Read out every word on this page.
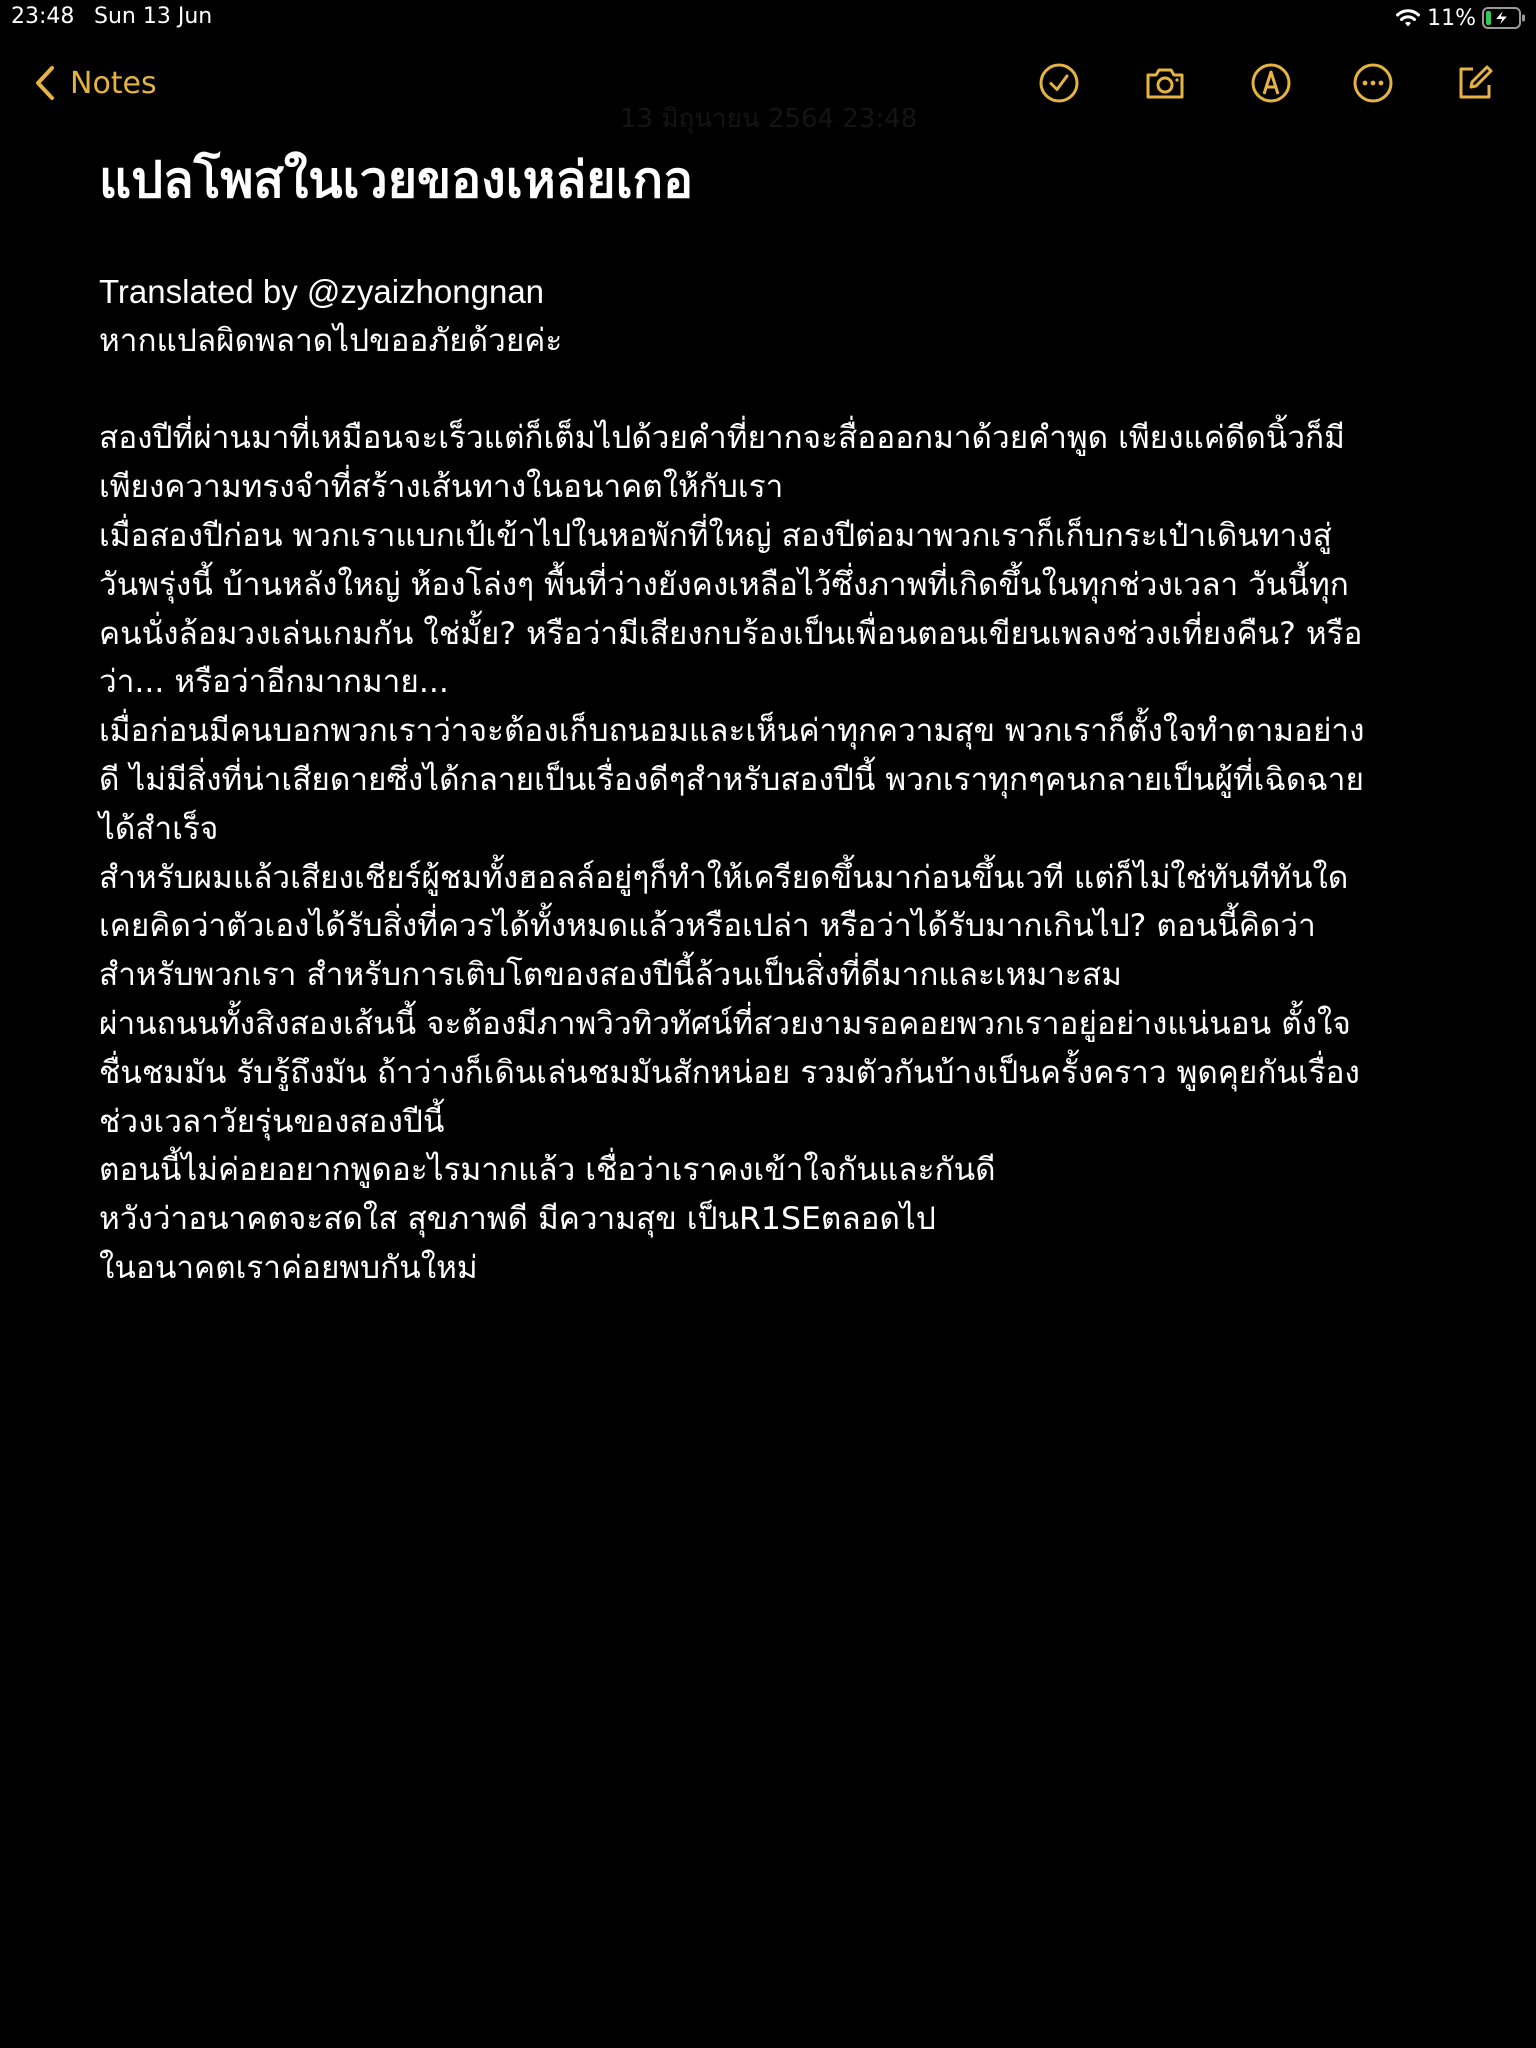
23:48 Sun 13 Jun	11%
Notes
13 มิถุนายน 2564 23:48
แปลโพสในเวยของเหล่ยเกอ
Translated by @zyaizhongnan
หากแปลผิดพลาดไปขออภัยด้วยค่ะ
สองปีที่ผ่านมาที่เหมือนจะเร็วแต่ก็เต็มไปด้วยคำที่ยากจะสื่อออกมาด้วยคำพูด เพียงแค่ดีดนิ้วก็มี
เพียงความทรงจำที่สร้างเส้นทางในอนาคตให้กับเรา
เมื่อสองปีก่อน พวกเราแบกเป้เข้าไปในหอพักที่ใหญ่ สองปีต่อมาพวกเราก็เก็บกระเป๋าเดินทางสู่
วันพรุ่งนี้ บ้านหลังใหญ่ ห้องโล่งๆ พื้นที่ว่างยังคงเหลือไว้ซึ่งภาพที่เกิดขึ้นในทุกช่วงเวลา วันนี้ทุก
คนนั่งล้อมวงเล่นเกมกัน ใช่มั้ย? หรือว่ามีเสียงกบร้องเป็นเพื่อนตอนเขียนเพลงช่วงเที่ยงคืน? หรือ
ว่า... หรือว่าอีกมากมาย...
เมื่อก่อนมีคนบอกพวกเราว่าจะต้องเก็บถนอมและเห็นค่าทุกความสุข พวกเราก็ตั้งใจทำตามอย่าง
ดี ไม่มีสิ่งที่น่าเสียดายซึ่งได้กลายเป็นเรื่องดีๆสำหรับสองปีนี้ พวกเราทุกๆคนกลายเป็นผู้ที่เฉิดฉาย
ได้สำเร็จ
สำหรับผมแล้วเสียงเชียร์ผู้ชมทั้งฮอลล์อยู่ๆก็ทำให้เครียดขึ้นมาก่อนขึ้นเวที แต่ก็ไม่ใช่ทันทีทันใด
เคยคิดว่าตัวเองได้รับสิ่งที่ควรได้ทั้งหมดแล้วหรือเปล่า หรือว่าได้รับมากเกินไป? ตอนนี้คิดว่า
สำหรับพวกเรา สำหรับการเติบโตของสองปีนี้ล้วนเป็นสิ่งที่ดีมากและเหมาะสม
ผ่านถนนทั้งสิงสองเส้นนี้ จะต้องมีภาพวิวทิวทัศน์ที่สวยงามรอคอยพวกเราอยู่อย่างแน่นอน ตั้งใจ
ชื่นชมมัน รับรู้ถึงมัน ถ้าว่างก็เดินเล่นชมมันสักหน่อย รวมตัวกันบ้างเป็นครั้งคราว พูดคุยกันเรื่อง
ช่วงเวลาวัยรุ่นของสองปีนี้
ตอนนี้ไม่ค่อยอยากพูดอะไรมากแล้ว เชื่อว่าเราคงเข้าใจกันและกันดี
หวังว่าอนาคตจะสดใส สุขภาพดี มีความสุข เป็นR1SEตลอดไป
ในอนาคตเราค่อยพบกันใหม่
